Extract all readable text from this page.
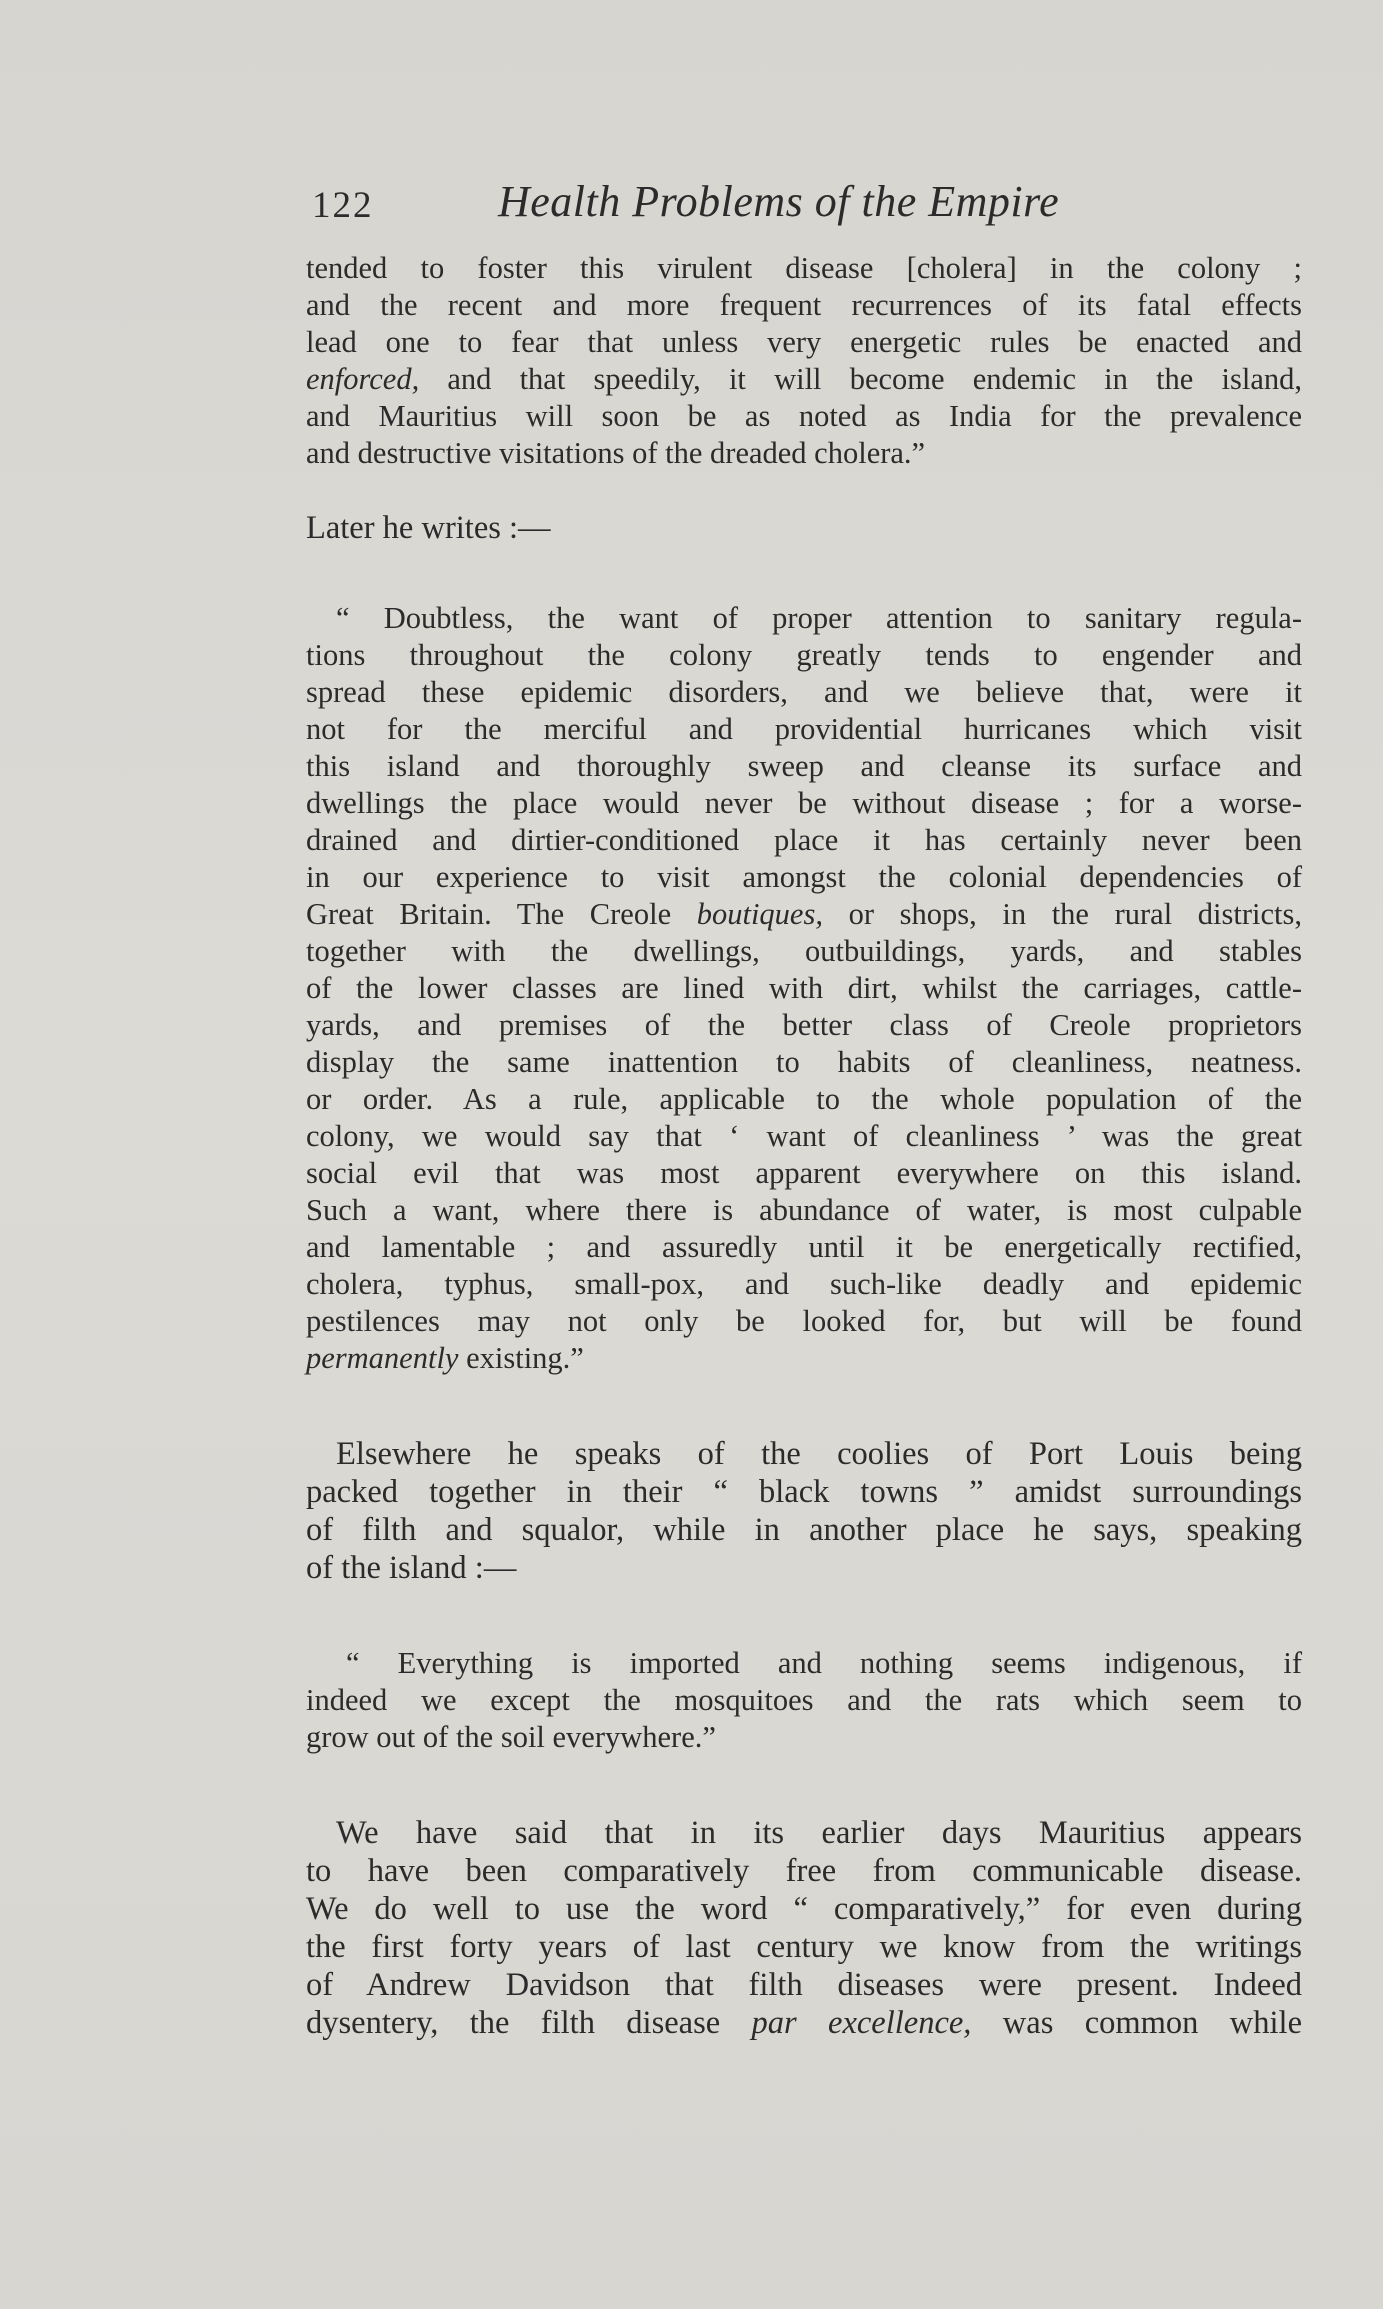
122	Health Problems of the Empire
tended to foster this virulent disease [cholera] in the colony ;
and the recent and more frequent recurrences of its fatal effects
lead one to fear that unless very energetic rules be enacted and
enforced, and that speedily, it will become endemic in the island,
and Mauritius will soon be as noted as India for the prevalence
and destructive visitations of the dreaded cholera.”
Later he writes :—
“ Doubtless, the want of proper attention to sanitary regula-
tions throughout the colony greatly tends to engender and
spread these epidemic disorders, and we believe that, were it
not for the merciful and providential hurricanes which visit
this island and thoroughly sweep and cleanse its surface and
dwellings the place would never be without disease ; for a worse-
drained and dirtier-conditioned place it has certainly never been
in our experience to visit amongst the colonial dependencies of
Great Britain. The Creole boutiques, or shops, in the rural districts,
together with the dwellings, outbuildings, yards, and stables
of the lower classes are lined with dirt, whilst the carriages, cattle-
yards, and premises of the better class of Creole proprietors
display the same inattention to habits of cleanliness, neatness.
or order. As a rule, applicable to the whole population of the
colony, we would say that ‘ want of cleanliness ’ was the great
social evil that was most apparent everywhere on this island.
Such a want, where there is abundance of water, is most culpable
and lamentable ; and assuredly until it be energetically rectified,
cholera, typhus, small-pox, and such-like deadly and epidemic
pestilences may not only be looked for, but will be found
permanently existing.”
Elsewhere he speaks of the coolies of Port Louis being
packed together in their “ black towns ” amidst surroundings
of filth and squalor, while in another place he says, speaking
of the island :—
“ Everything is imported and nothing seems indigenous, if
indeed we except the mosquitoes and the rats which seem to
grow out of the soil everywhere.”
We have said that in its earlier days Mauritius appears
to have been comparatively free from communicable disease.
We do well to use the word “ comparatively,” for even during
the first forty years of last century we know from the writings
of Andrew Davidson that filth diseases were present. Indeed
dysentery, the filth disease par excellence, was common while
